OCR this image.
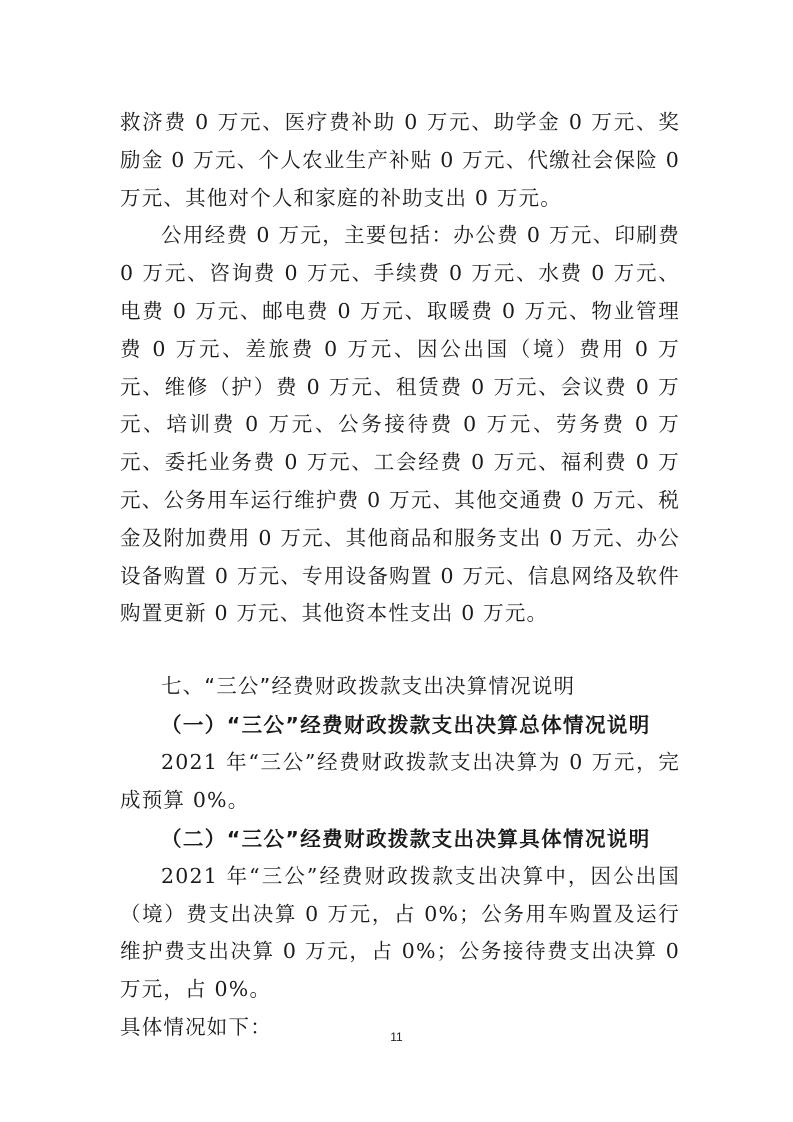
救济费 0 万元、医疗费补助 0 万元、助学金 0 万元、奖励金 0 万元、个人农业生产补贴 0 万元、代缴社会保险 0 万元、其他对个人和家庭的补助支出 0 万元。

公用经费 0 万元，主要包括：办公费 0 万元、印刷费 0 万元、咨询费 0 万元、手续费 0 万元、水费 0 万元、电费 0 万元、邮电费 0 万元、取暖费 0 万元、物业管理费 0 万元、差旅费 0 万元、因公出国（境）费用 0 万元、维修（护）费 0 万元、租赁费 0 万元、会议费 0 万元、培训费 0 万元、公务接待费 0 万元、劳务费 0 万元、委托业务费 0 万元、工会经费 0 万元、福利费 0 万元、公务用车运行维护费 0 万元、其他交通费 0 万元、税金及附加费用 0 万元、其他商品和服务支出 0 万元、办公设备购置 0 万元、专用设备购置 0 万元、信息网络及软件购置更新 0 万元、其他资本性支出 0 万元。

七、“三公”经费财政拨款支出决算情况说明

（一）“三公”经费财政拨款支出决算总体情况说明

2021 年“三公”经费财政拨款支出决算为 0 万元，完成预算 0%。

（二）“三公”经费财政拨款支出决算具体情况说明

2021 年“三公”经费财政拨款支出决算中，因公出国（境）费支出决算 0 万元，占 0%；公务用车购置及运行维护费支出决算 0 万元，占 0%；公务接待费支出决算 0 万元，占 0%。

具体情况如下：	11
